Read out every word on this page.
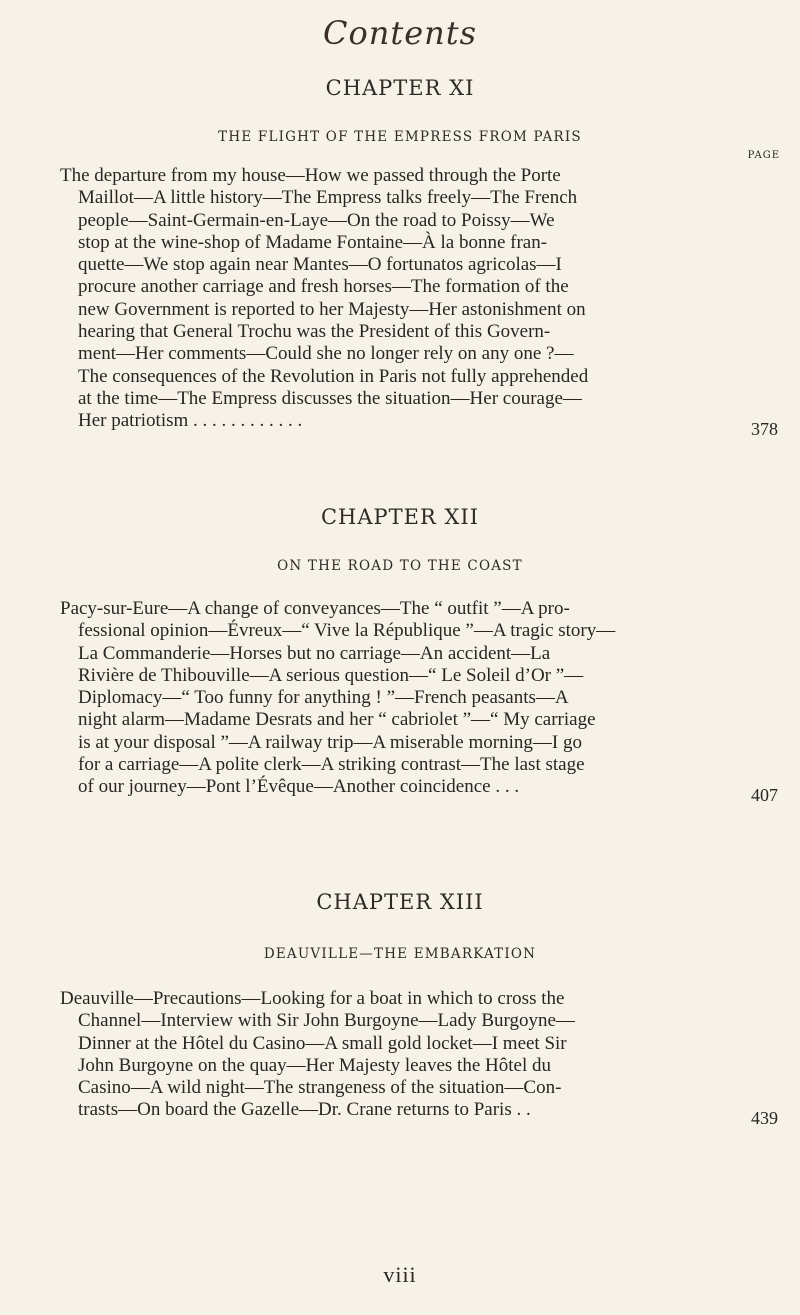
Contents
CHAPTER XI
THE FLIGHT OF THE EMPRESS FROM PARIS
PAGE
The departure from my house—How we passed through the Porte
Maillot—A little history—The Empress talks freely—The French
people—Saint-Germain-en-Laye—On the road to Poissy—We
stop at the wine-shop of Madame Fontaine—À la bonne fran-
quette—We stop again near Mantes—O fortunatos agricolas—I
procure another carriage and fresh horses—The formation of the
new Government is reported to her Majesty—Her astonishment on
hearing that General Trochu was the President of this Govern-
ment—Her comments—Could she no longer rely on any one ?—
The consequences of the Revolution in Paris not fully apprehended
at the time—The Empress discusses the situation—Her courage—
Her patriotism . . . . . . . . . . . .	378
CHAPTER XII
ON THE ROAD TO THE COAST
Pacy-sur-Eure—A change of conveyances—The “ outfit ”—A pro-
fessional opinion—Évreux—“ Vive la République ”—A tragic story—
La Commanderie—Horses but no carriage—An accident—La
Rivière de Thibouville—A serious question—“ Le Soleil d’Or ”—
Diplomacy—“ Too funny for anything ! ”—French peasants—A
night alarm—Madame Desrats and her “ cabriolet ”—“ My carriage
is at your disposal ”—A railway trip—A miserable morning—I go
for a carriage—A polite clerk—A striking contrast—The last stage
of our journey—Pont l’Évêque—Another coincidence . . .	407
CHAPTER XIII
DEAUVILLE—THE EMBARKATION
Deauville—Precautions—Looking for a boat in which to cross the
Channel—Interview with Sir John Burgoyne—Lady Burgoyne—
Dinner at the Hôtel du Casino—A small gold locket—I meet Sir
John Burgoyne on the quay—Her Majesty leaves the Hôtel du
Casino—A wild night—The strangeness of the situation—Con-
trasts—On board the Gazelle—Dr. Crane returns to Paris . .	439
viii
